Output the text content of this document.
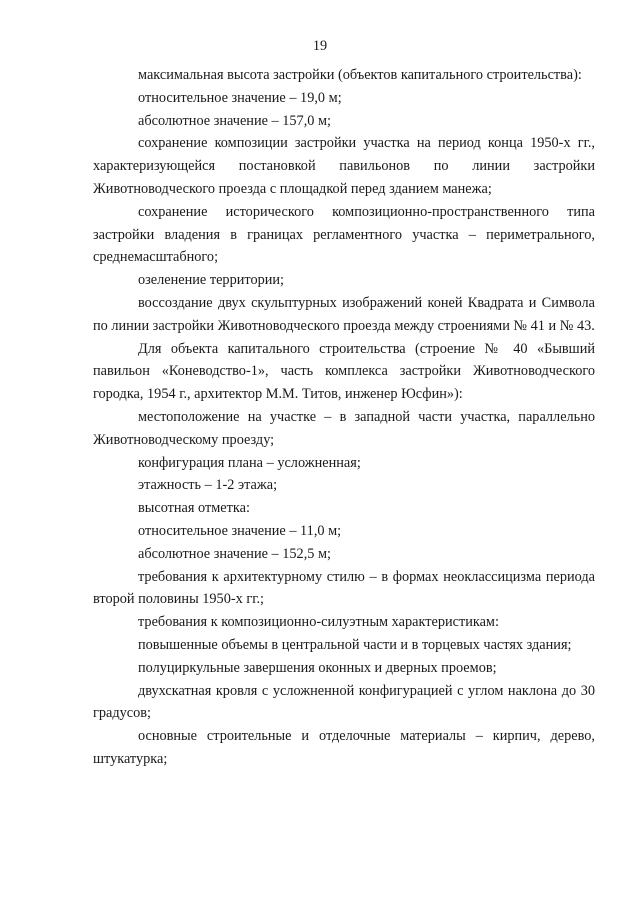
19

максимальная высота застройки (объектов капитального строительства):

относительное значение – 19,0 м;

абсолютное значение – 157,0 м;

сохранение композиции застройки участка на период конца 1950-х гг., характеризующейся постановкой павильонов по линии застройки Животноводческого проезда с площадкой перед зданием манежа;

сохранение исторического композиционно-пространственного типа застройки владения в границах регламентного участка – периметрального, среднемасштабного;

озеленение территории;

воссоздание двух скульптурных изображений коней Квадрата и Символа по линии застройки Животноводческого проезда между строениями № 41 и № 43.

Для объекта капитального строительства (строение № 40 «Бывший павильон «Коневодство-1», часть комплекса застройки Животноводческого городка, 1954 г., архитектор М.М. Титов, инженер Юсфин»):

местоположение на участке – в западной части участка, параллельно Животноводческому проезду;

конфигурация плана – усложненная;

этажность – 1-2 этажа;

высотная отметка:

относительное значение – 11,0 м;

абсолютное значение – 152,5 м;

требования к архитектурному стилю – в формах неоклассицизма периода второй половины 1950-х гг.;

требования к композиционно-силуэтным характеристикам:

повышенные объемы в центральной части и в торцевых частях здания;

полуциркульные завершения оконных и дверных проемов;

двухскатная кровля с усложненной конфигурацией с углом наклона до 30 градусов;

основные строительные и отделочные материалы – кирпич, дерево, штукатурка;
